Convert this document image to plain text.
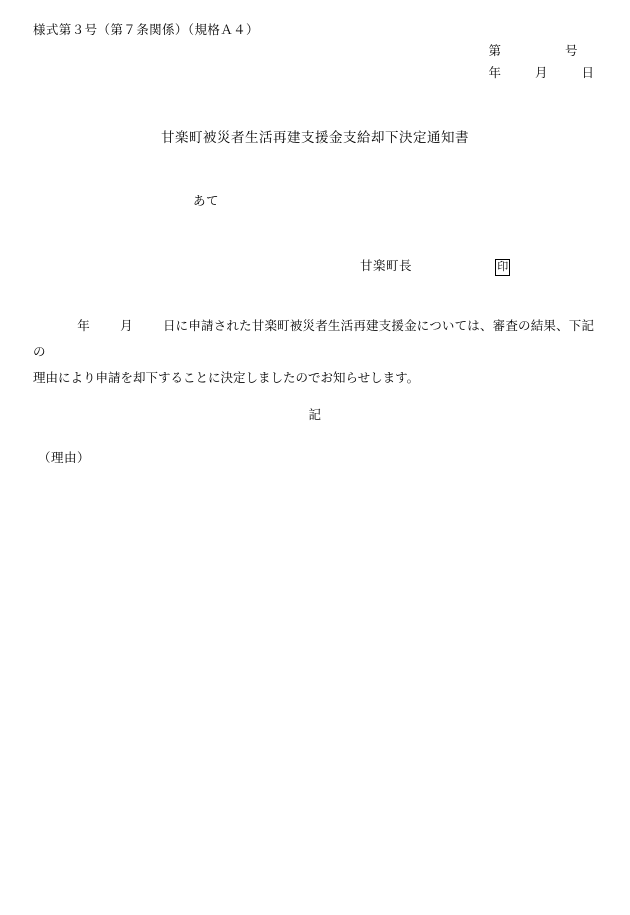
様式第３号（第７条関係）（規格Ａ４）
第	号
年	月	日
甘楽町被災者生活再建支援金支給却下決定通知書
あて
甘楽町長	印
年 月 日に申請された甘楽町被災者生活再建支援金については、審査の結果、下記の
理由により申請を却下することに決定しましたのでお知らせします。
記
（理由）
